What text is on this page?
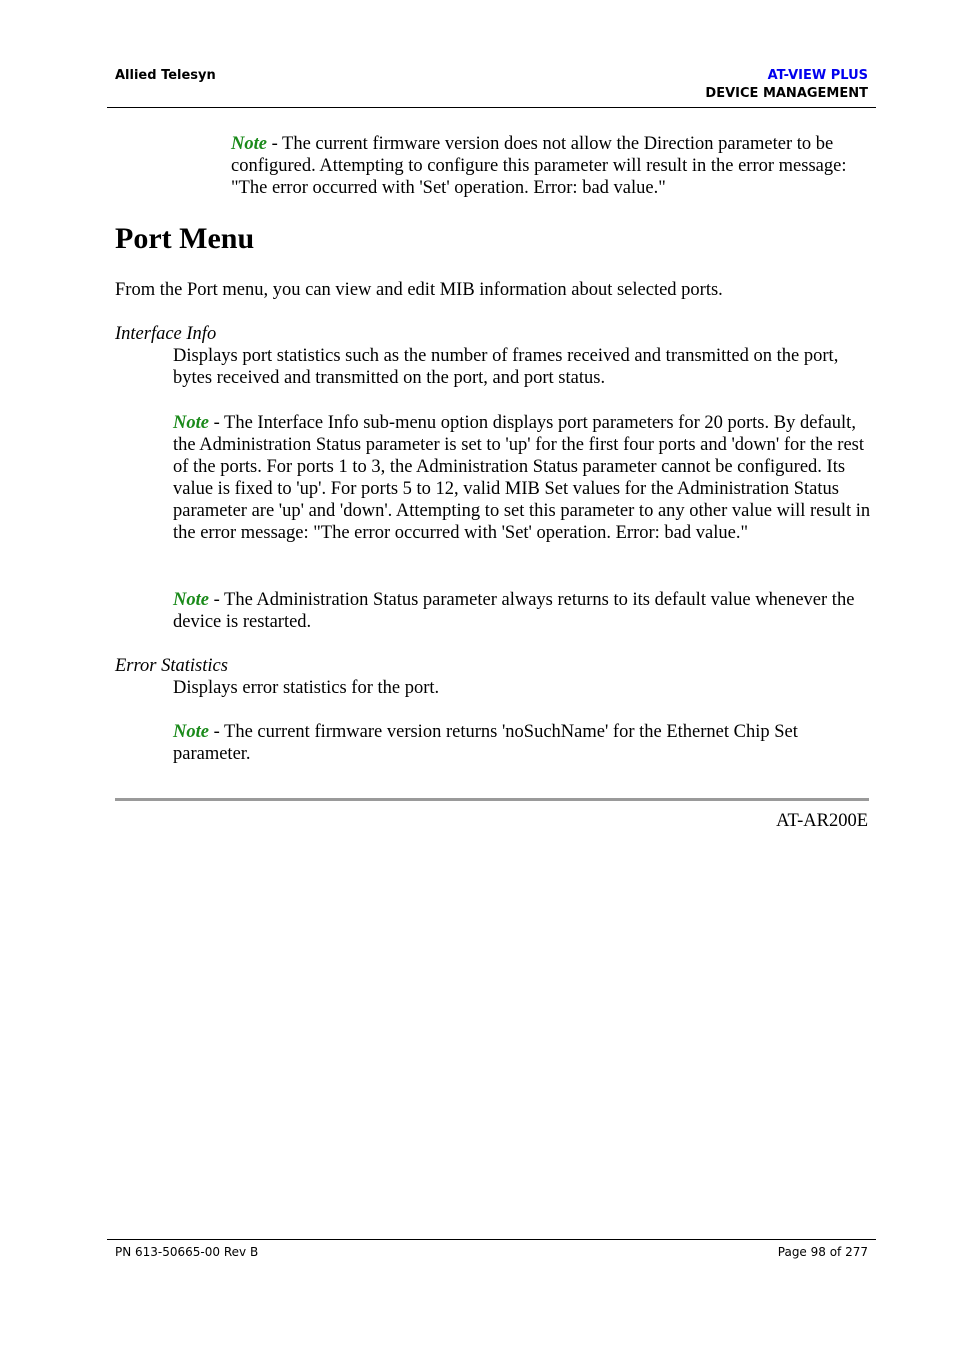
Allied Telesyn	AT-VIEW PLUS
DEVICE MANAGEMENT
Note - The current firmware version does not allow the Direction parameter to be configured. Attempting to configure this parameter will result in the error message: "The error occurred with 'Set' operation. Error: bad value."
Port Menu
From the Port menu, you can view and edit MIB information about selected ports.
Interface Info
Displays port statistics such as the number of frames received and transmitted on the port, bytes received and transmitted on the port, and port status.
Note - The Interface Info sub-menu option displays port parameters for 20 ports. By default, the Administration Status parameter is set to 'up' for the first four ports and 'down' for the rest of the ports. For ports 1 to 3, the Administration Status parameter cannot be configured. Its value is fixed to 'up'. For ports 5 to 12, valid MIB Set values for the Administration Status parameter are 'up' and 'down'. Attempting to set this parameter to any other value will result in the error message: "The error occurred with 'Set' operation. Error: bad value."
Note - The Administration Status parameter always returns to its default value whenever the device is restarted.
Error Statistics
Displays error statistics for the port.
Note - The current firmware version returns 'noSuchName' for the Ethernet Chip Set parameter.
AT-AR200E
PN 613-50665-00 Rev B	Page 98 of 277
